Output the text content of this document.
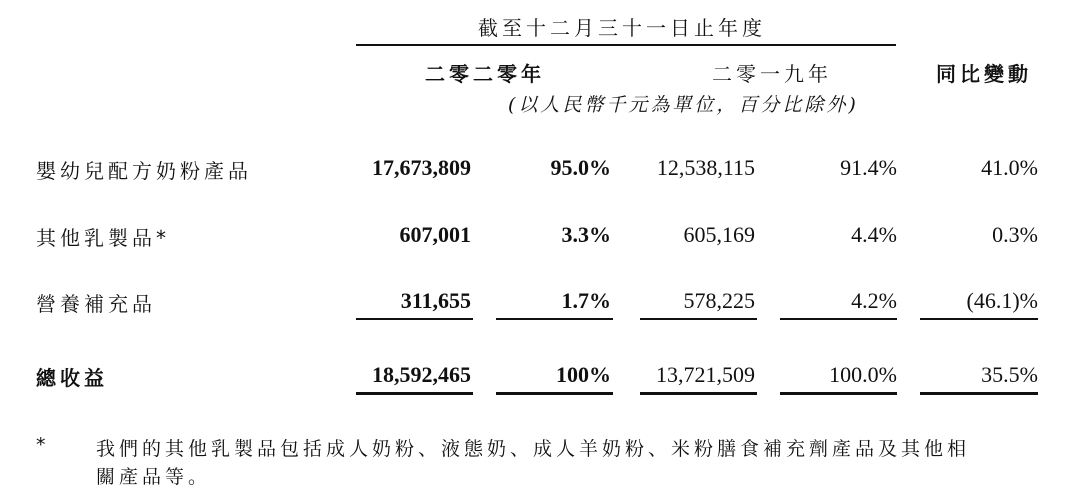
截至十二月三十一日止年度
二零二零年	二零一九年	同比變動
(以人民幣千元為單位，百分比除外)
嬰幼兒配方奶粉產品	17,673,809	95.0%	12,538,115	91.4%	41.0%
其他乳製品*	607,001	3.3%	605,169	4.4%	0.3%
營養補充品	311,655	1.7%	578,225	4.2%	(46.1)%
總收益	18,592,465	100%	13,721,509	100.0%	35.5%
* 我們的其他乳製品包括成人奶粉、液態奶、成人羊奶粉、米粉膳食補充劑產品及其他相
關產品等。
